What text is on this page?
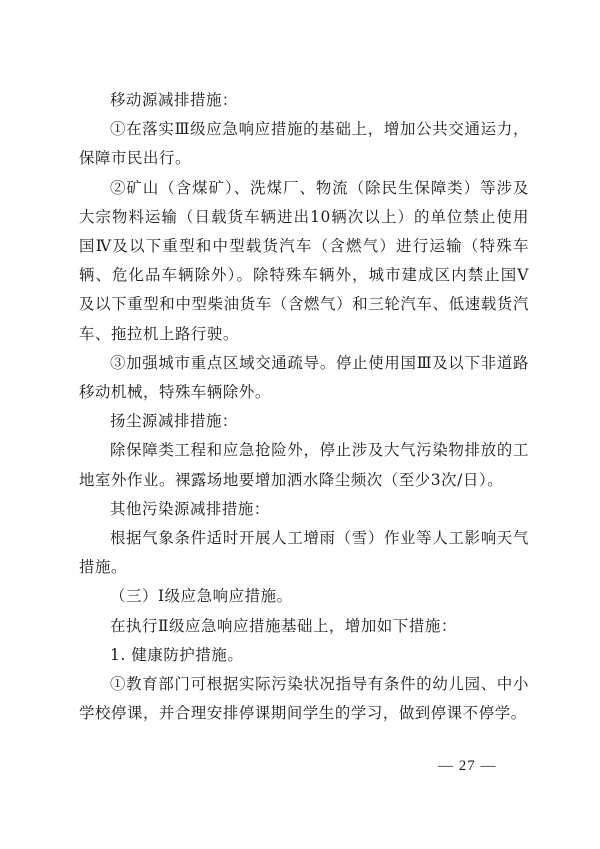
移动源减排措施：

①在落实Ⅲ级应急响应措施的基础上，增加公共交通运力，保障市民出行。

②矿山（含煤矿）、洗煤厂、物流（除民生保障类）等涉及大宗物料运输（日载货车辆进出10辆次以上）的单位禁止使用国Ⅳ及以下重型和中型载货汽车（含燃气）进行运输（特殊车辆、危化品车辆除外）。除特殊车辆外，城市建成区内禁止国Ⅴ及以下重型和中型柴油货车（含燃气）和三轮汽车、低速载货汽车、拖拉机上路行驶。

③加强城市重点区域交通疏导。停止使用国Ⅲ及以下非道路移动机械，特殊车辆除外。

扬尘源减排措施：

除保障类工程和应急抢险外，停止涉及大气污染物排放的工地室外作业。裸露场地要增加洒水降尘频次（至少3次/日）。

其他污染源减排措施：

根据气象条件适时开展人工增雨（雪）作业等人工影响天气措施。

（三）Ⅰ级应急响应措施。

在执行Ⅱ级应急响应措施基础上，增加如下措施：

1. 健康防护措施。

①教育部门可根据实际污染状况指导有条件的幼儿园、中小学校停课，并合理安排停课期间学生的学习，做到停课不停学。

— 27 —
